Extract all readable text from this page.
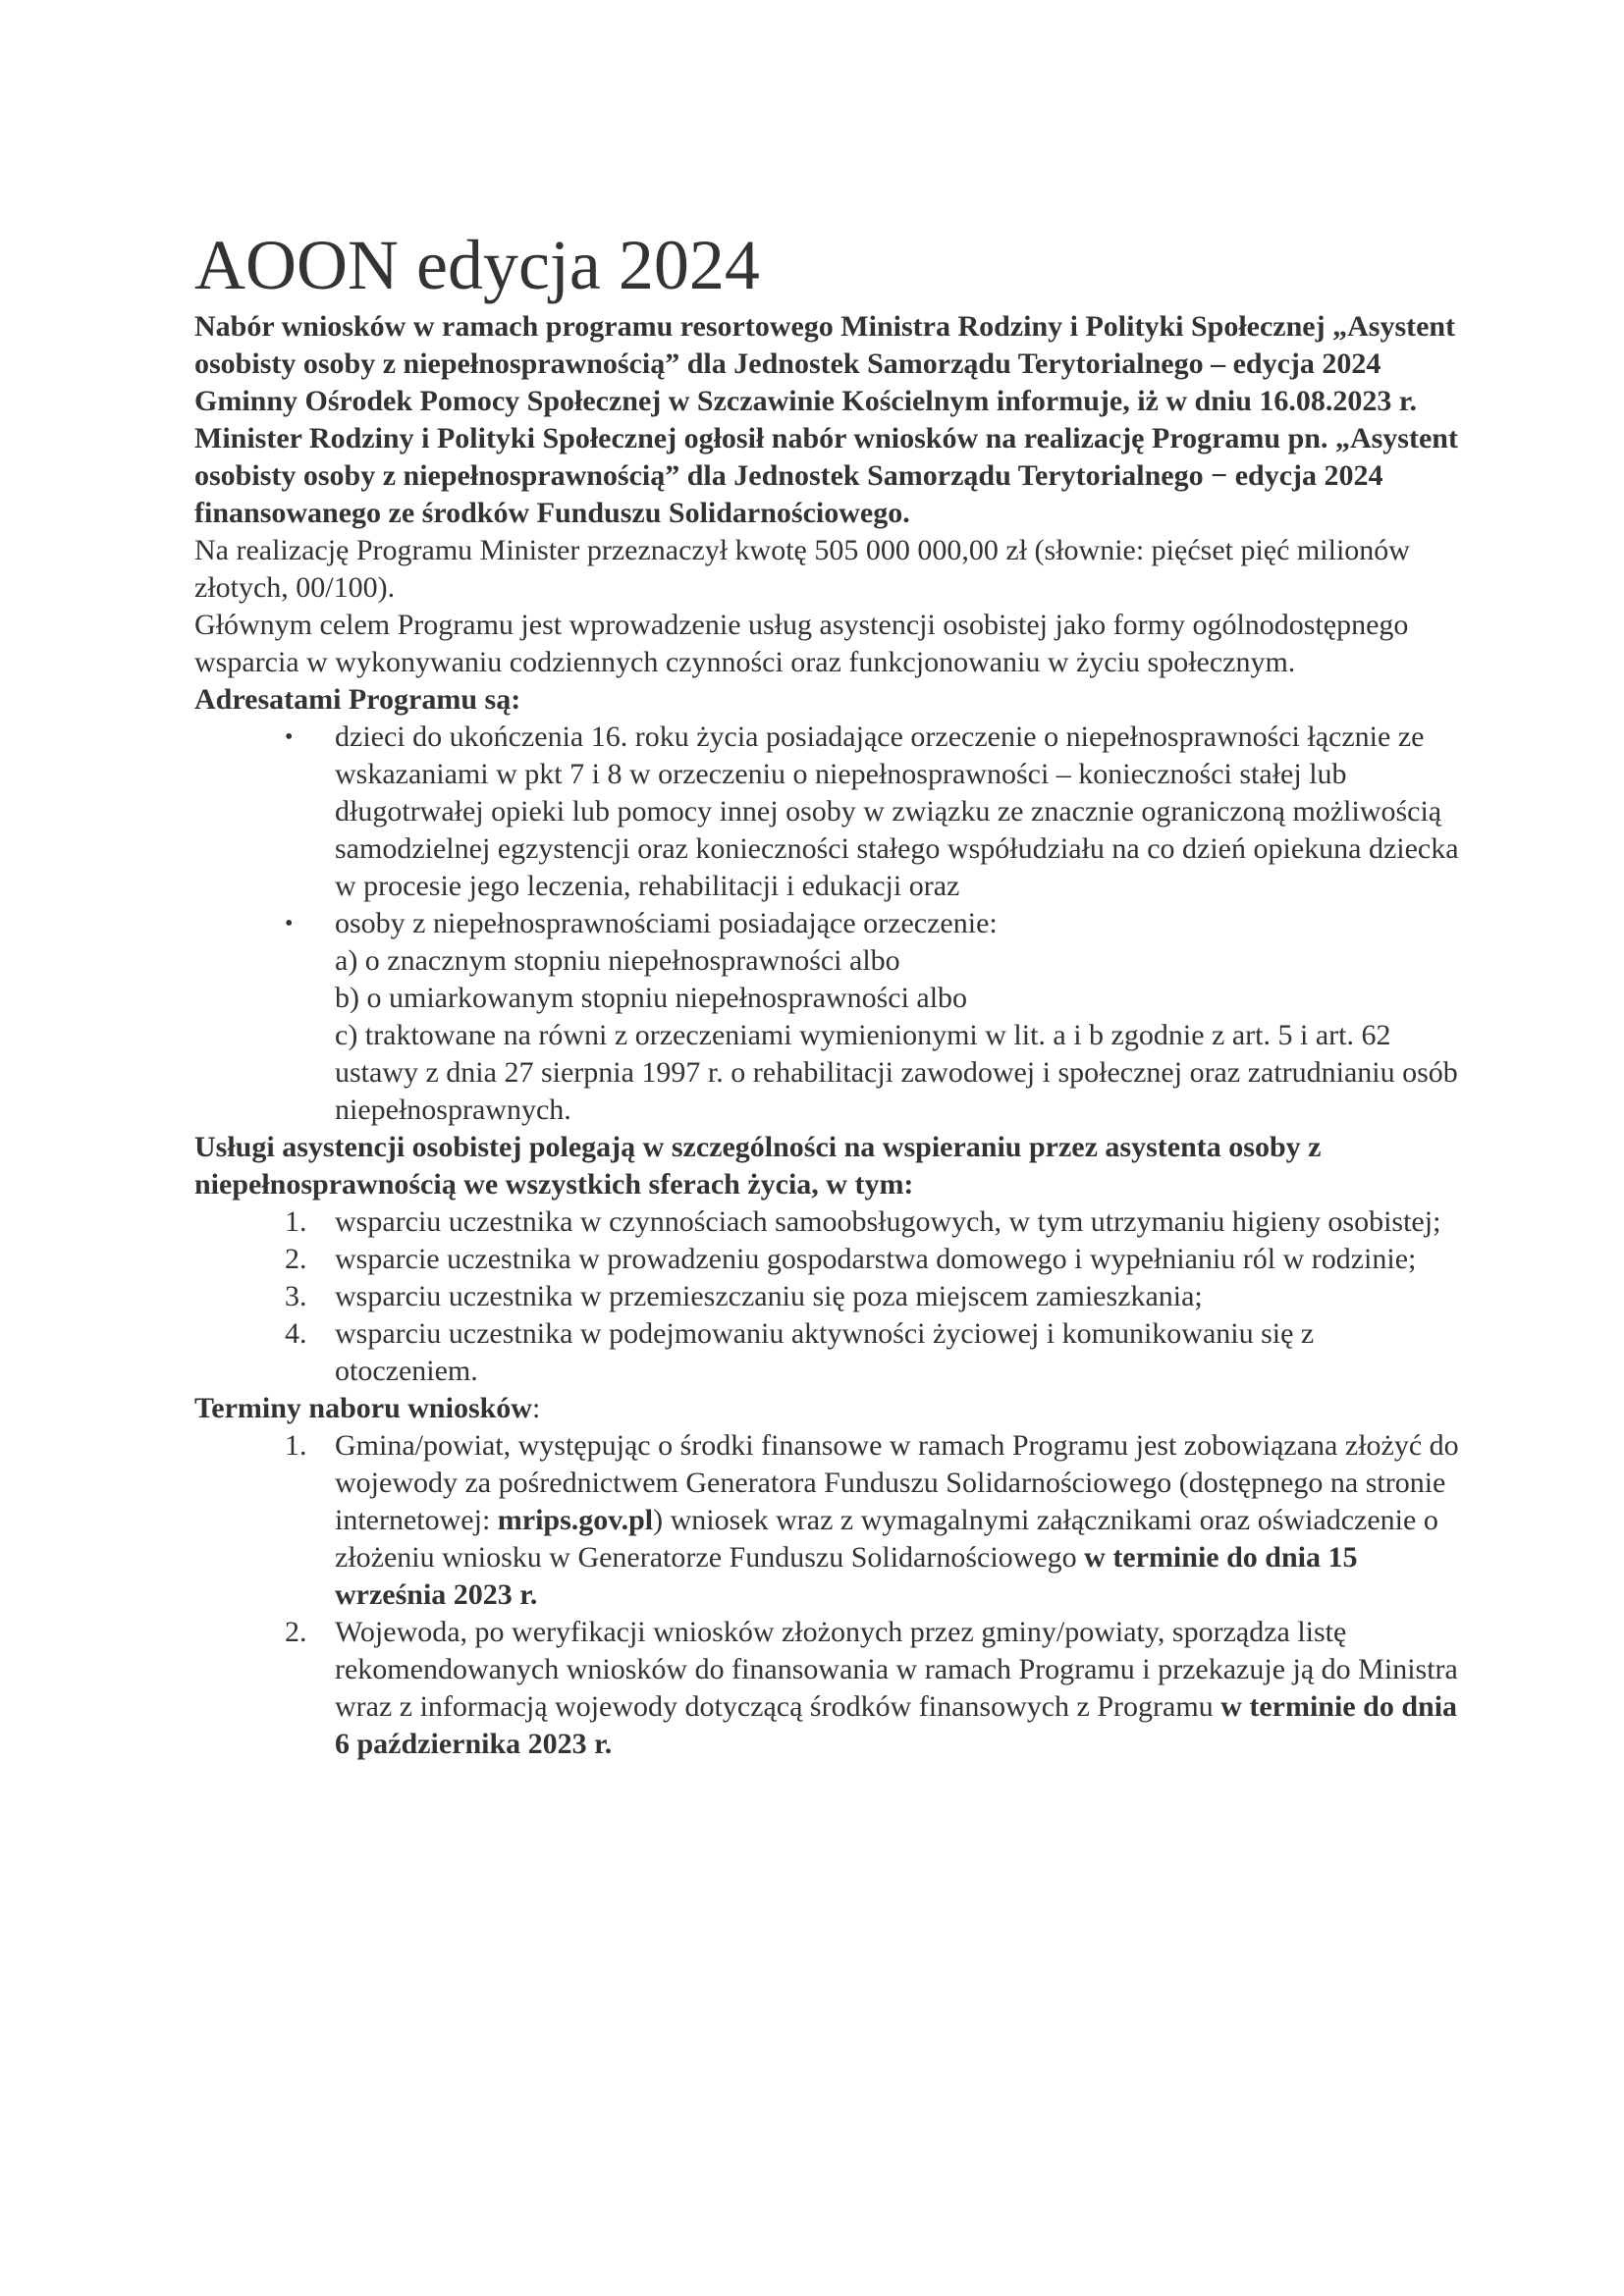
AOON edycja 2024

Nabór wniosków w ramach programu resortowego Ministra Rodziny i Polityki Społecznej „Asystent osobisty osoby z niepełnosprawnością” dla Jednostek Samorządu Terytorialnego – edycja 2024

Gminny Ośrodek Pomocy Społecznej w Szczawinie Kościelnym informuje, iż w dniu 16.08.2023 r. Minister Rodziny i Polityki Społecznej ogłosił nabór wniosków na realizację Programu pn. „Asystent osobisty osoby z niepełnosprawnością” dla Jednostek Samorządu Terytorialnego − edycja 2024 finansowanego ze środków Funduszu Solidarnościowego.

Na realizację Programu Minister przeznaczył kwotę 505 000 000,00 zł (słownie: pięćset pięć milionów złotych, 00/100).

Głównym celem Programu jest wprowadzenie usług asystencji osobistej jako formy ogólnodostępnego wsparcia w wykonywaniu codziennych czynności oraz funkcjonowaniu w życiu społecznym.

Adresatami Programu są:

• dzieci do ukończenia 16. roku życia posiadające orzeczenie o niepełnosprawności łącznie ze wskazaniami w pkt 7 i 8 w orzeczeniu o niepełnosprawności – konieczności stałej lub długotrwałej opieki lub pomocy innej osoby w związku ze znacznie ograniczoną możliwością samodzielnej egzystencji oraz konieczności stałego współudziału na co dzień opiekuna dziecka w procesie jego leczenia, rehabilitacji i edukacji oraz
• osoby z niepełnosprawnościami posiadające orzeczenie:
a) o znacznym stopniu niepełnosprawności albo
b) o umiarkowanym stopniu niepełnosprawności albo
c) traktowane na równi z orzeczeniami wymienionymi w lit. a i b zgodnie z art. 5 i art. 62 ustawy z dnia 27 sierpnia 1997 r. o rehabilitacji zawodowej i społecznej oraz zatrudnianiu osób niepełnosprawnych.

Usługi asystencji osobistej polegają w szczególności na wspieraniu przez asystenta osoby z niepełnosprawnością we wszystkich sferach życia, w tym:

1. wsparciu uczestnika w czynnościach samoobsługowych, w tym utrzymaniu higieny osobistej;
2. wsparcie uczestnika w prowadzeniu gospodarstwa domowego i wypełnianiu ról w rodzinie;
3. wsparciu uczestnika w przemieszczaniu się poza miejscem zamieszkania;
4. wsparciu uczestnika w podejmowaniu aktywności życiowej i komunikowaniu się z otoczeniem.

Terminy naboru wniosków:

1. Gmina/powiat, występując o środki finansowe w ramach Programu jest zobowiązana złożyć do wojewody za pośrednictwem Generatora Funduszu Solidarnościowego (dostępnego na stronie internetowej: mrips.gov.pl) wniosek wraz z wymagalnymi załącznikami oraz oświadczenie o złożeniu wniosku w Generatorze Funduszu Solidarnościowego w terminie do dnia 15 września 2023 r.
2. Wojewoda, po weryfikacji wniosków złożonych przez gminy/powiaty, sporządza listę rekomendowanych wniosków do finansowania w ramach Programu i przekazuje ją do Ministra wraz z informacją wojewody dotyczącą środków finansowych z Programu w terminie do dnia 6 października 2023 r.
